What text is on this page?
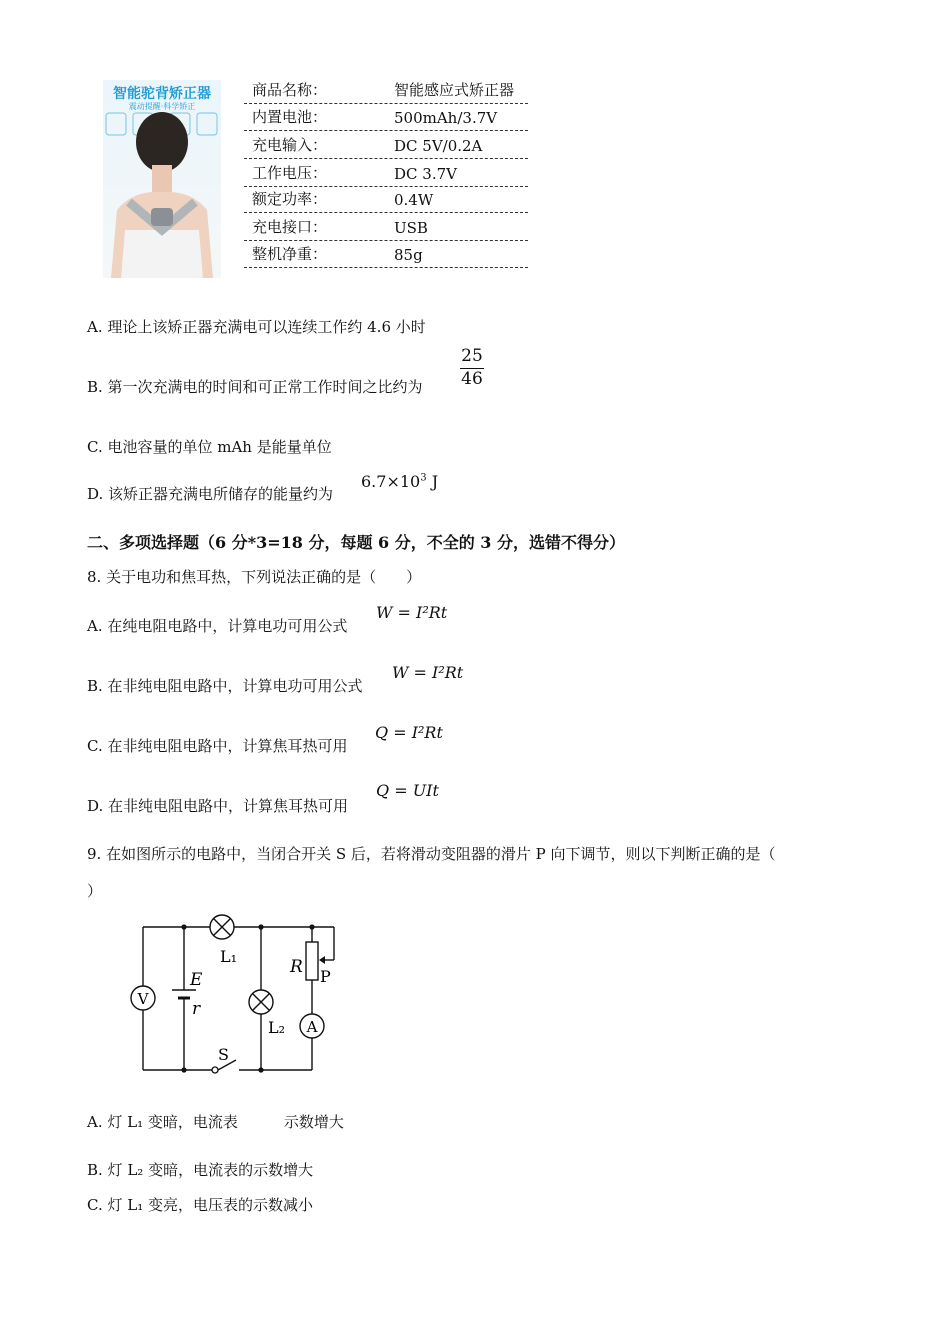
智能驼背矫正器
震动提醒·科学矫正
商品名称：	智能感应式矫正器
内置电池：	500mAh/3.7V
充电输入：	DC 5V/0.2A
工作电压：	DC 3.7V
额定功率：	0.4W
充电接口：	USB
整机净重：	85g
A. 理论上该矫正器充满电可以连续工作约 4.6 小时
B. 第一次充满电的时间和可正常工作时间之比约为 $\frac{25}{46}$
C. 电池容量的单位 mAh 是能量单位
D. 该矫正器充满电所储存的能量约为
$6.7\times 10^3$ J
二、多项选择题（6 分*3=18 分，每题 6 分，不全的 3 分，选错不得分）
8. 关于电功和焦耳热，下列说法正确的是（　　）
A. 在纯电阻电路中，计算电功可用公式
W = I²Rt
B. 在非纯电阻电路中，计算电功可用公式
W = I²Rt
C. 在非纯电阻电路中，计算焦耳热可用
Q = I²Rt
D. 在非纯电阻电路中，计算焦耳热可用
Q = UIt
9. 在如图所示的电路中，当闭合开关 S 后，若将滑动变阻器的滑片 P 向下调节，则以下判断正确的是（
）
V
A
L₁
L₂
E
r
R P
S
A. 灯 L₁ 变暗，电流表	示数增大
B. 灯 L₂ 变暗，电流表的示数增大
C. 灯 L₁ 变亮，电压表的示数减小
